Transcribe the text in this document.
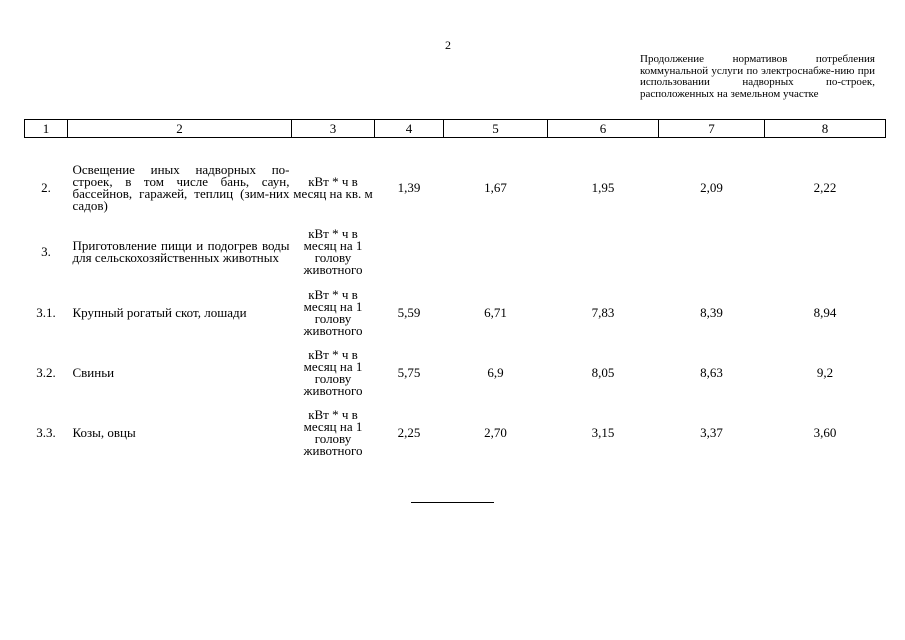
2
Продолжение нормативов потребления коммунальной услуги по электроснабже-нию при использовании надворных по-строек, расположенных на земельном участке
1	2	3	4	5	6	7	8

2.	Освещение иных надворных по-строек, в том числе бань, саун, бассейнов, гаражей, теплиц (зим-них садов)	кВт * ч в месяц на кв. м	1,39	1,67	1,95	2,09	2,22
3.	Приготовление пищи и подогрев воды для сельскохозяйственных животных	кВт * ч в месяц на 1 голову животного					
3.1.	Крупный рогатый скот, лошади	кВт * ч в месяц на 1 голову животного	5,59	6,71	7,83	8,39	8,94
3.2.	Свиньи	кВт * ч в месяц на 1 голову животного	5,75	6,9	8,05	8,63	9,2
3.3.	Козы, овцы	кВт * ч в месяц на 1 голову животного	2,25	2,70	3,15	3,37	3,60
